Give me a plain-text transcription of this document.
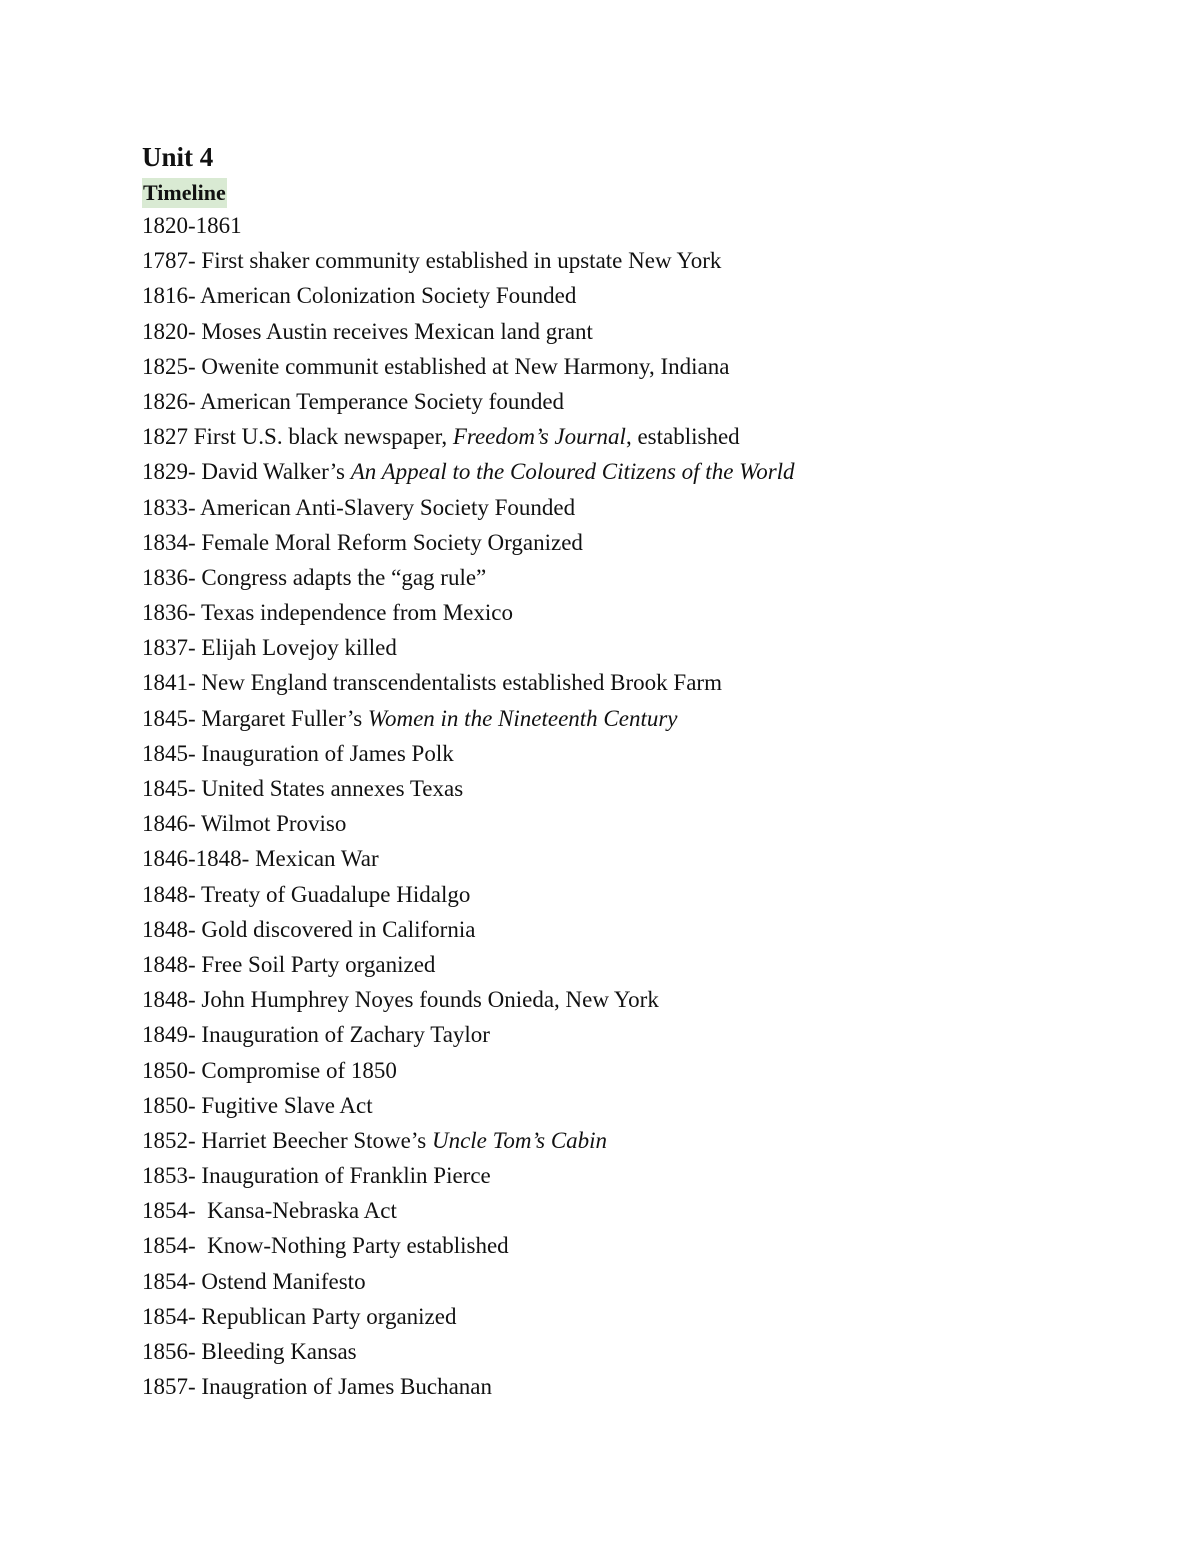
Unit 4
Timeline
1820-1861
1787- First shaker community established in upstate New York
1816- American Colonization Society Founded
1820- Moses Austin receives Mexican land grant
1825- Owenite communit established at New Harmony, Indiana
1826- American Temperance Society founded
1827 First U.S. black newspaper, Freedom’s Journal, established
1829- David Walker’s An Appeal to the Coloured Citizens of the World
1833- American Anti-Slavery Society Founded
1834- Female Moral Reform Society Organized
1836- Congress adapts the “gag rule”
1836- Texas independence from Mexico
1837- Elijah Lovejoy killed
1841- New England transcendentalists established Brook Farm
1845- Margaret Fuller’s Women in the Nineteenth Century
1845- Inauguration of James Polk
1845- United States annexes Texas
1846- Wilmot Proviso
1846-1848- Mexican War
1848- Treaty of Guadalupe Hidalgo
1848- Gold discovered in California
1848- Free Soil Party organized
1848- John Humphrey Noyes founds Onieda, New York
1849- Inauguration of Zachary Taylor
1850- Compromise of 1850
1850- Fugitive Slave Act
1852- Harriet Beecher Stowe’s Uncle Tom’s Cabin
1853- Inauguration of Franklin Pierce
1854-  Kansa-Nebraska Act
1854-  Know-Nothing Party established
1854- Ostend Manifesto
1854- Republican Party organized
1856- Bleeding Kansas
1857- Inaugration of James Buchanan
